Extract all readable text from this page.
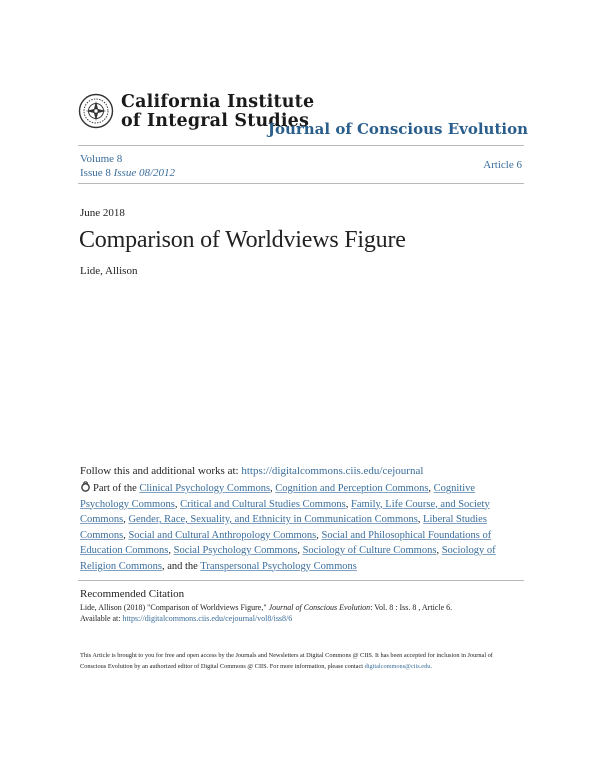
California Institute
of Integral Studies
Journal of Conscious Evolution
Volume 8
Issue 8 Issue 08/2012
Article 6
June 2018
Comparison of Worldviews Figure
Lide, Allison
Follow this and additional works at: https://digitalcommons.ciis.edu/cejournal
Part of the Clinical Psychology Commons, Cognition and Perception Commons, Cognitive Psychology Commons, Critical and Cultural Studies Commons, Family, Life Course, and Society Commons, Gender, Race, Sexuality, and Ethnicity in Communication Commons, Liberal Studies Commons, Social and Cultural Anthropology Commons, Social and Philosophical Foundations of Education Commons, Social Psychology Commons, Sociology of Culture Commons, Sociology of Religion Commons, and the Transpersonal Psychology Commons
Recommended Citation
Lide, Allison (2018) "Comparison of Worldviews Figure," Journal of Conscious Evolution: Vol. 8 : Iss. 8 , Article 6.
Available at: https://digitalcommons.ciis.edu/cejournal/vol8/iss8/6
This Article is brought to you for free and open access by the Journals and Newsletters at Digital Commons @ CIIS. It has been accepted for inclusion in Journal of Conscious Evolution by an authorized editor of Digital Commons @ CIIS. For more information, please contact digitalcommons@ciis.edu.
